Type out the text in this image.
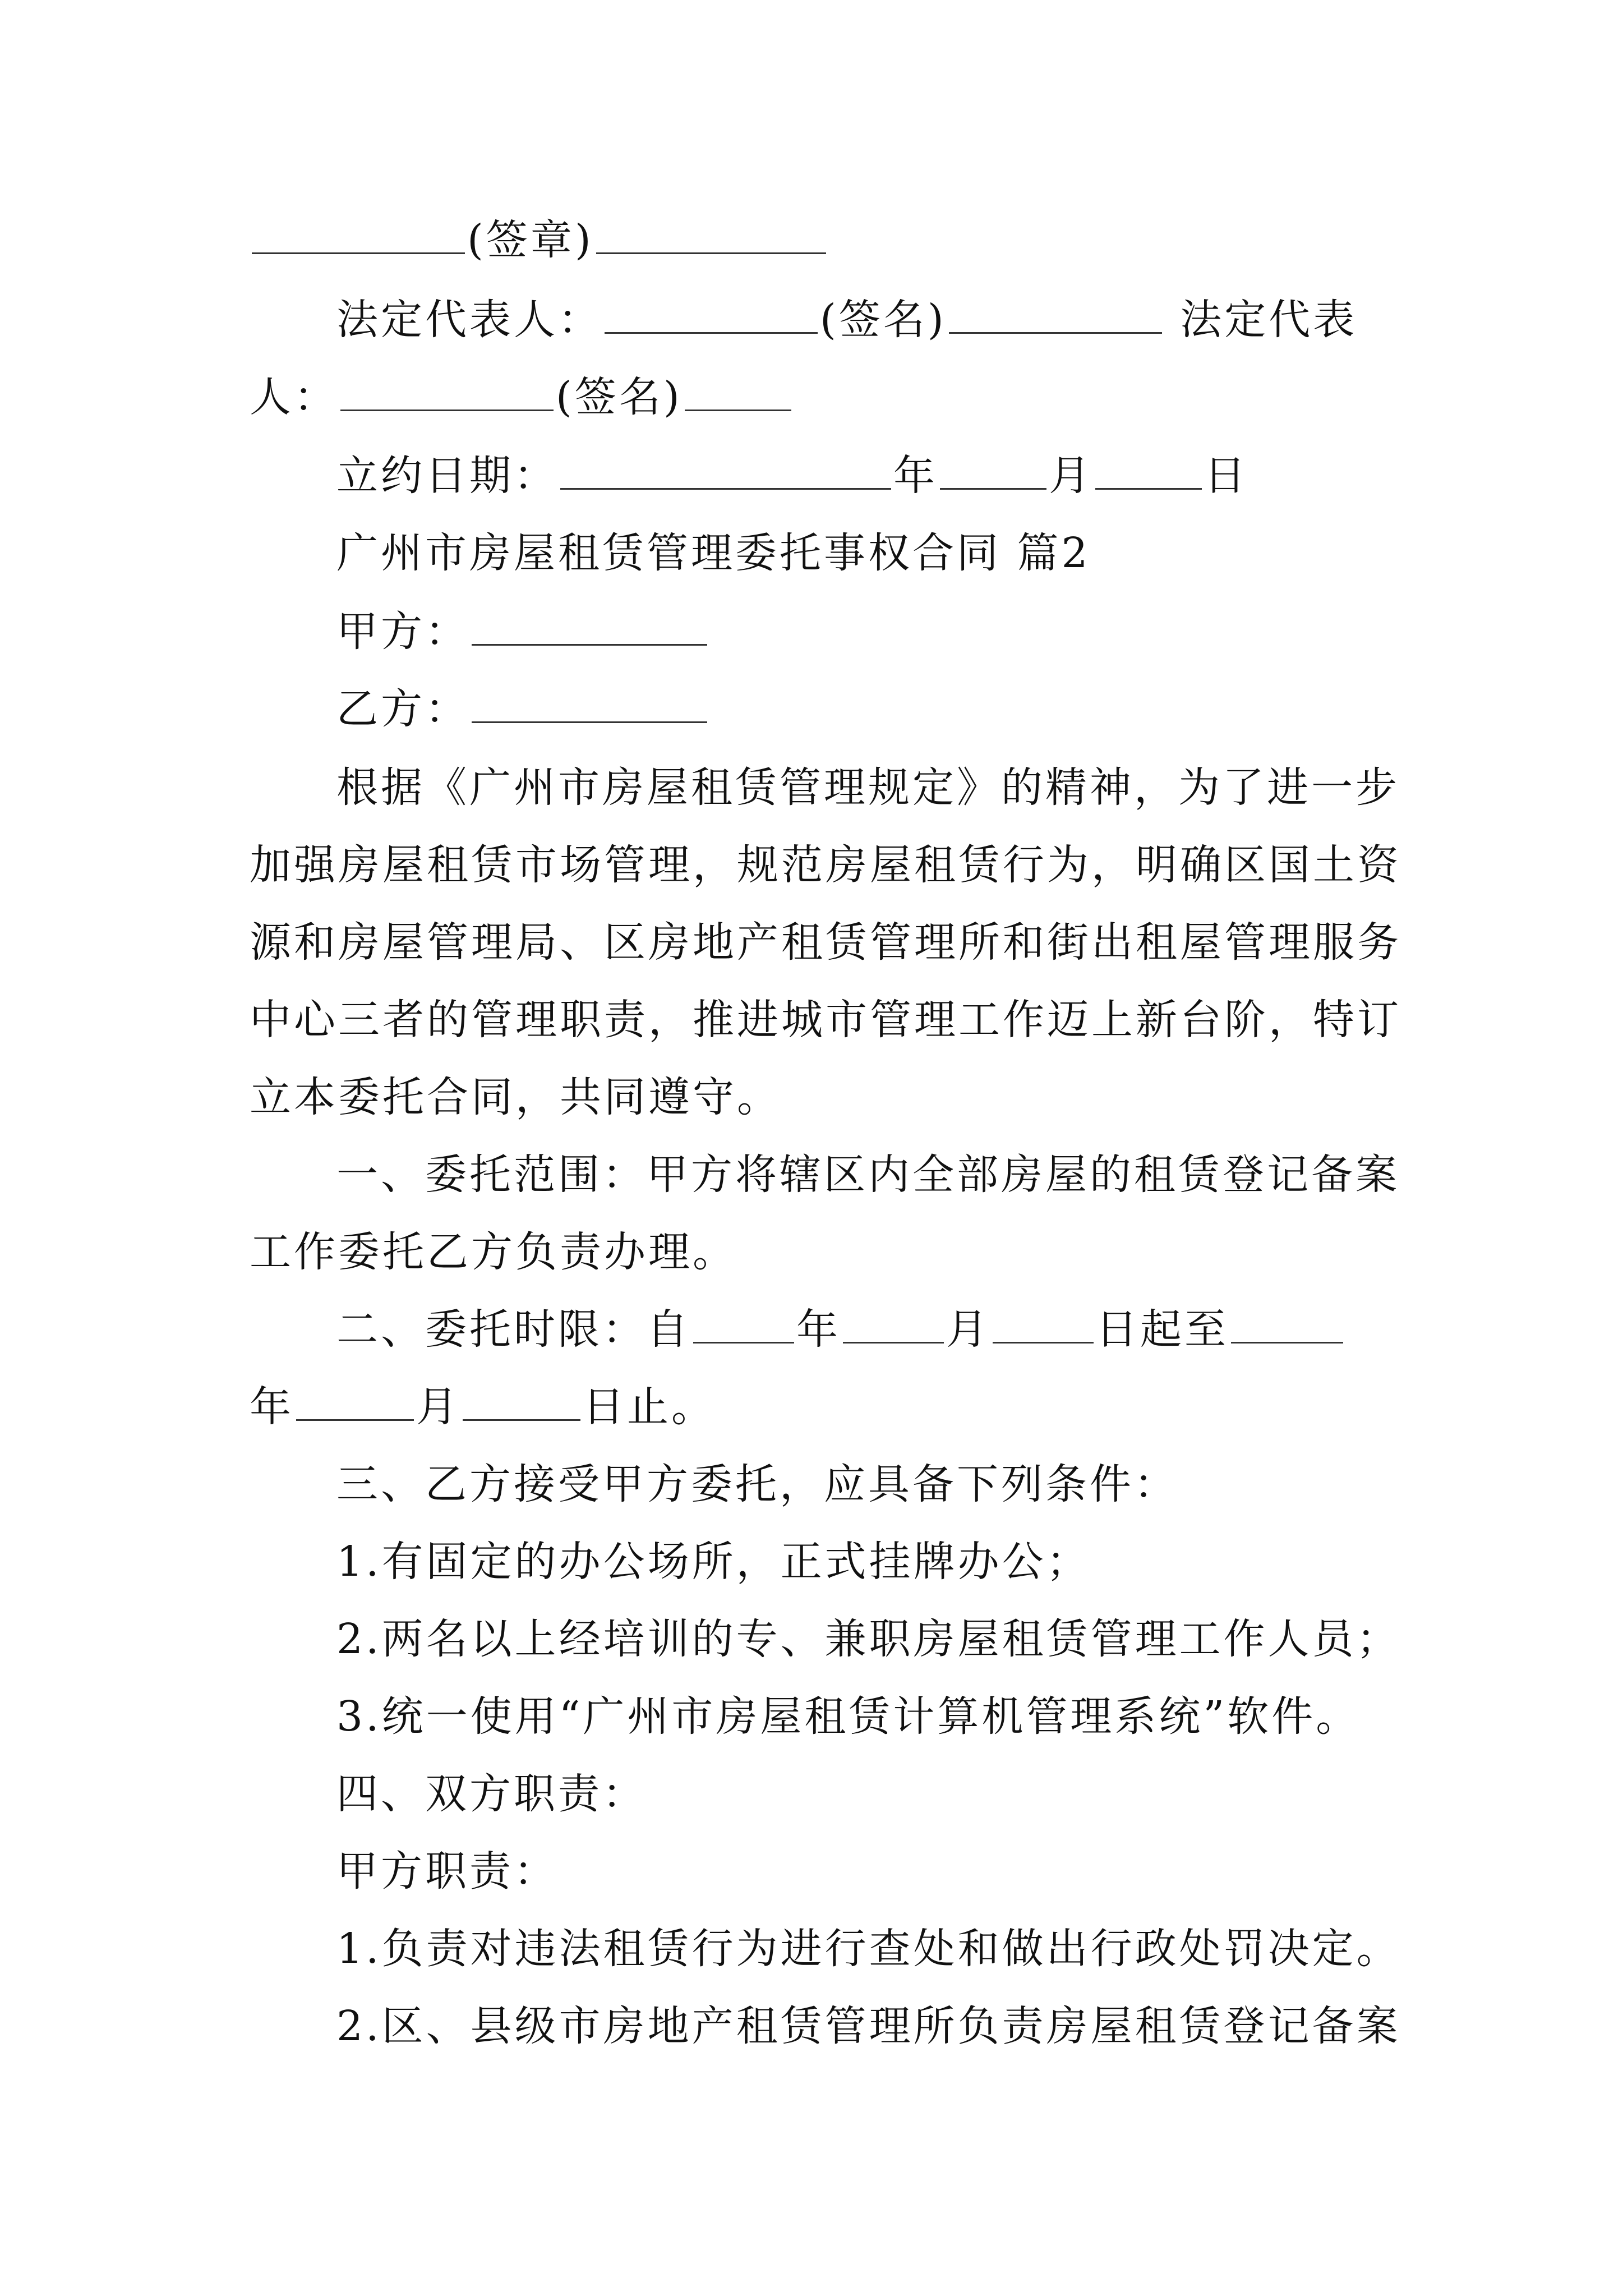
(签章)
法定代表人：	(签名)	法定代表
人：	(签名)
立约日期：	年	月	日
广州市房屋租赁管理委托事权合同 篇2
甲方：
乙方：
根据《广州市房屋租赁管理规定》的精神，为了进一步
加强房屋租赁市场管理，规范房屋租赁行为，明确区国土资
源和房屋管理局、区房地产租赁管理所和街出租屋管理服务
中心三者的管理职责，推进城市管理工作迈上新台阶，特订
立本委托合同，共同遵守。
一、委托范围：甲方将辖区内全部房屋的租赁登记备案
工作委托乙方负责办理。
二、委托时限：自	年	月	日起至
年	月	日止。
三、乙方接受甲方委托，应具备下列条件：
1.有固定的办公场所，正式挂牌办公；
2.两名以上经培训的专、兼职房屋租赁管理工作人员；
3.统一使用“广州市房屋租赁计算机管理系统”软件。
四、双方职责：
甲方职责：
1.负责对违法租赁行为进行查处和做出行政处罚决定。
2.区、县级市房地产租赁管理所负责房屋租赁登记备案
